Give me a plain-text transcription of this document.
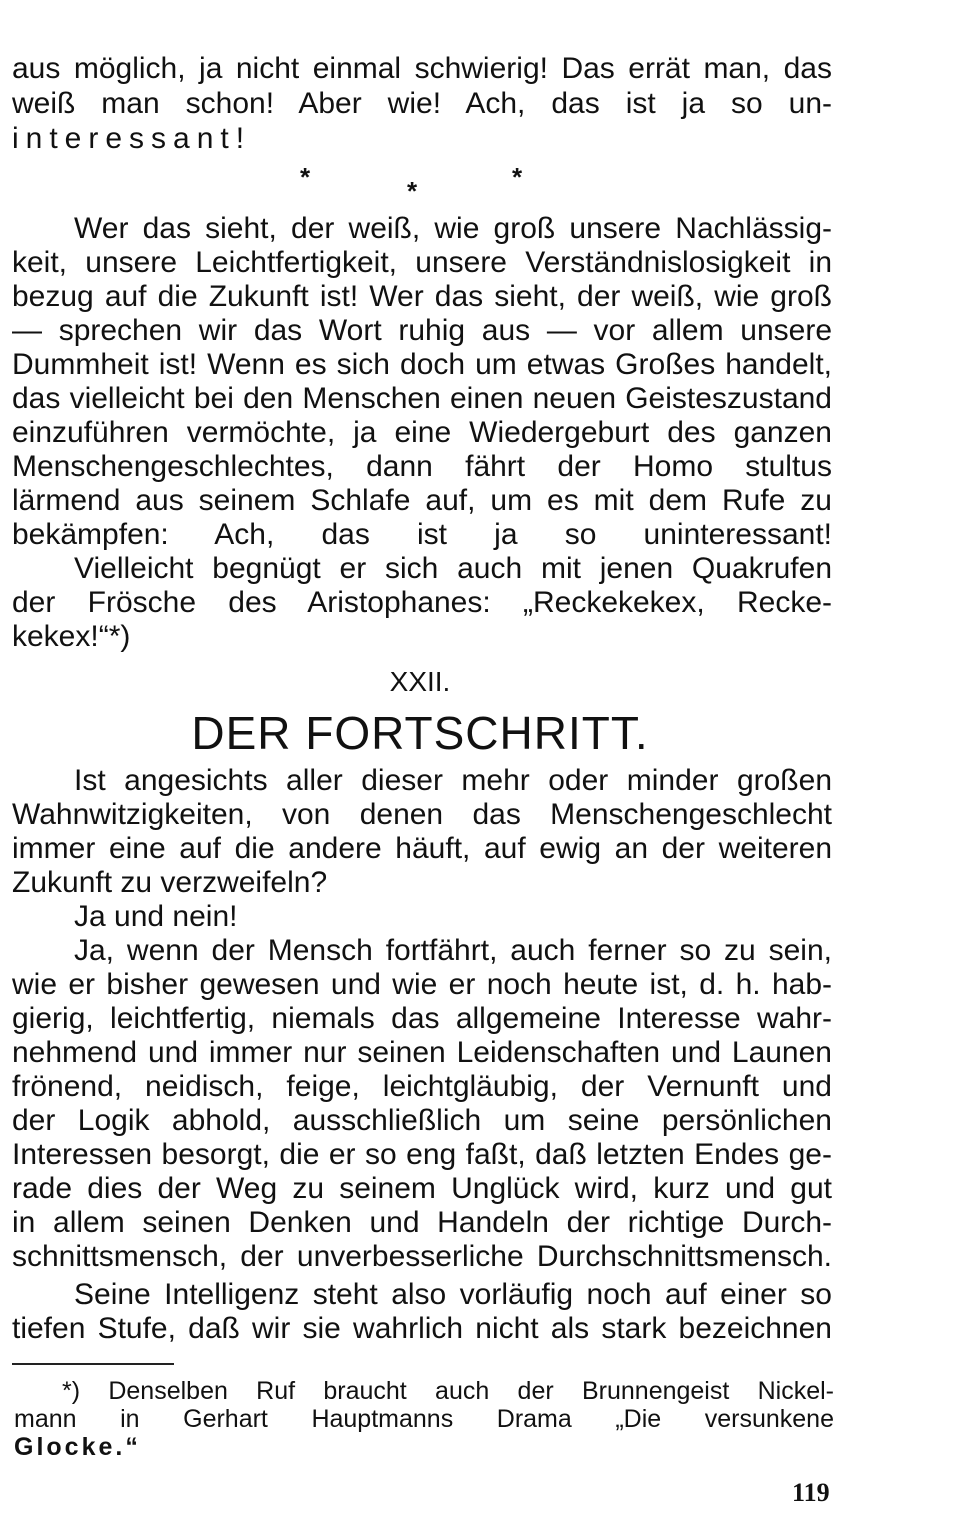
aus möglich, ja nicht einmal schwierig! Das errät man, das
weiß man schon! Aber wie! Ach, das ist ja so un-
interessant!
*	*	*
Wer das sieht, der weiß, wie groß unsere Nachlässig-
keit, unsere Leichtfertigkeit, unsere Verständnislosigkeit in
bezug auf die Zukunft ist! Wer das sieht, der weiß, wie groß
— sprechen wir das Wort ruhig aus — vor allem unsere
Dummheit ist! Wenn es sich doch um etwas Großes handelt,
das vielleicht bei den Menschen einen neuen Geisteszustand
einzuführen vermöchte, ja eine Wiedergeburt des ganzen
Menschengeschlechtes, dann fährt der Homo stultus
lärmend aus seinem Schlafe auf, um es mit dem Rufe zu
bekämpfen: Ach, das ist ja so uninteressant!
Vielleicht begnügt er sich auch mit jenen Quakrufen
der Frösche des Aristophanes: „Reckekekex, Recke-
kekex!“*)
XXII.
DER FORTSCHRITT.
Ist angesichts aller dieser mehr oder minder großen
Wahnwitzigkeiten, von denen das Menschengeschlecht
immer eine auf die andere häuft, auf ewig an der weiteren
Zukunft zu verzweifeln?
Ja und nein!
Ja, wenn der Mensch fortfährt, auch ferner so zu sein,
wie er bisher gewesen und wie er noch heute ist, d. h. hab-
gierig, leichtfertig, niemals das allgemeine Interesse wahr-
nehmend und immer nur seinen Leidenschaften und Launen
frönend, neidisch, feige, leichtgläubig, der Vernunft und
der Logik abhold, ausschließlich um seine persönlichen
Interessen besorgt, die er so eng faßt, daß letzten Endes ge-
rade dies der Weg zu seinem Unglück wird, kurz und gut
in allem seinen Denken und Handeln der richtige Durch-
schnittsmensch, der unverbesserliche Durchschnittsmensch.
Seine Intelligenz steht also vorläufig noch auf einer so
tiefen Stufe, daß wir sie wahrlich nicht als stark bezeichnen
*) Denselben Ruf braucht auch der Brunnengeist Nickel-
mann in Gerhart Hauptmanns Drama „Die versunkene
Glocke.“
119
